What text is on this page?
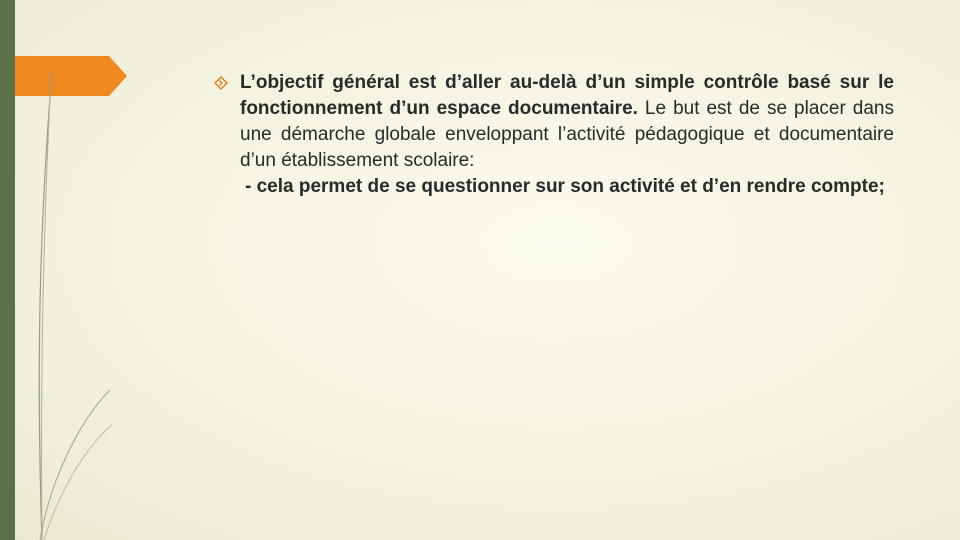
L’objectif général est d’aller au-delà d’un simple contrôle basé sur le fonctionnement d’un espace documentaire. Le but est de se placer dans une démarche globale enveloppant l’activité pédagogique et documentaire d’un établissement scolaire:
- cela permet de se questionner sur son activité et d’en rendre compte;
